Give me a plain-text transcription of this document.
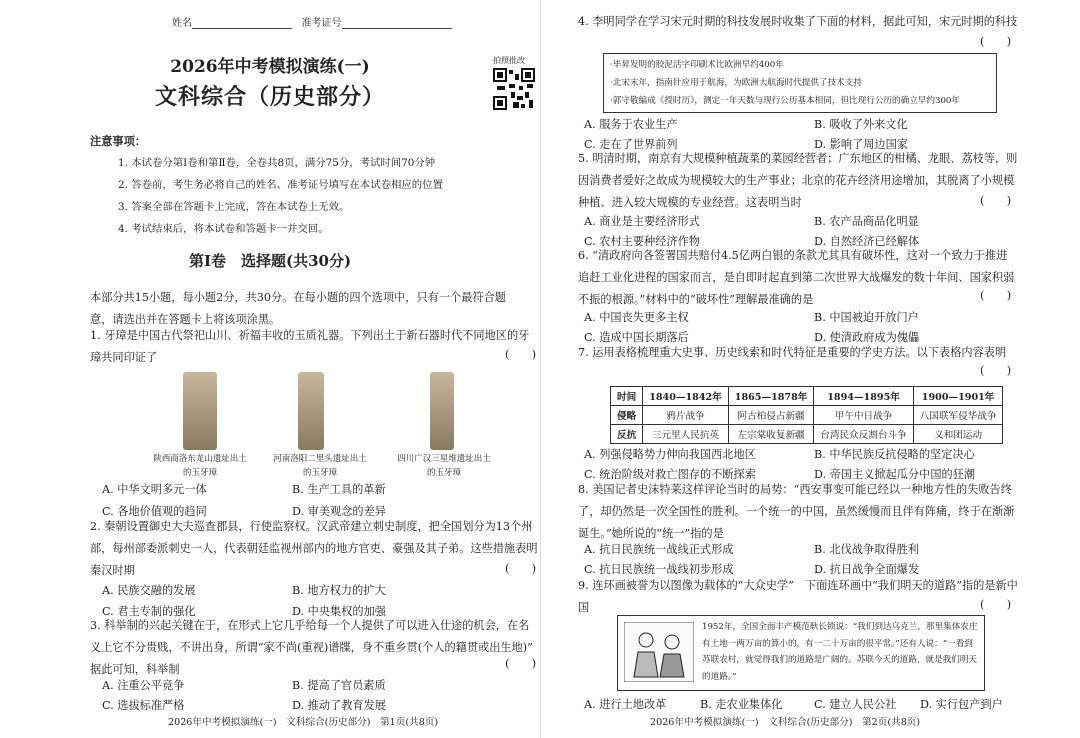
姓名	准考证号
2026年中考模拟演练(一)
文科综合（历史部分）
拍照批改
注意事项：
1. 本试卷分第Ⅰ卷和第Ⅱ卷，全卷共8页，满分75分，考试时间70分钟
2. 答卷前，考生务必将自己的姓名、准考证号填写在本试卷相应的位置
3. 答案全部在答题卡上完成，答在本试卷上无效。
4. 考试结束后，将本试卷和答题卡一并交回。
第Ⅰ卷　选择题(共30分)
本部分共15小题，每小题2分，共30分。在每小题的四个选项中，只有一个最符合题意，请选出并在答题卡上将该项涂黑。
1. 牙璋是中国古代祭祀山川、祈福丰收的玉质礼器。下列出土于新石器时代不同地区的牙璋共同印证了	(　　)
陕西商洛东龙山遗址出土的玉牙璋
河南洛阳二里头遗址出土的玉牙璋
四川广汉三星堆遗址出土的玉牙璋
A. 中华文明多元一体	B. 生产工具的革新
C. 各地价值观的趋同	D. 审美观念的差异
2. 秦朝设置御史大夫巡查郡县，行使监察权。汉武帝建立刺史制度，把全国划分为13个州部，每州部委派刺史一人，代表朝廷监视州部内的地方官吏、豪强及其子弟。这些措施表明秦汉时期	(　　)
A. 民族交融的发展	B. 地方权力的扩大
C. 君主专制的强化	D. 中央集权的加强
3. 科举制的兴起关键在于，在形式上它几乎给每一个人提供了可以进入仕途的机会，在名义上它不分贵贱，不讲出身，所谓“家不尚(重视)谱牒，身不重乡贯(个人的籍贯或出生地)”　据此可知，科举制	(　　)
A. 注重公平竞争	B. 提高了官员素质
C. 选拔标准严格	D. 推动了教育发展
2026年中考模拟演练(一)　文科综合(历史部分)　第1页(共8页)
4. 李明同学在学习宋元时期的科技发展时收集了下面的材料，据此可知，宋元时期的科技
(　　)
·毕昇发明的胶泥活字印刷术比欧洲早约400年
·北宋末年，指南针应用于航海，为欧洲大航海时代提供了技术支持
·郭守敬编成《授时历》，测定一年天数与现行公历基本相同，但比现行公历的确立早约300年
A. 服务于农业生产	B. 吸收了外来文化
C. 走在了世界前列	D. 影响了周边国家
5. 明清时期，南京有大规模种植蔬菜的菜园经营者；广东地区的柑橘、龙眼、荔枝等，则因消费者爱好之故成为规模较大的生产事业；北京的花卉经济用途增加，其脱离了小规模种植、进入较大规模的专业经营。这表明当时	(　　)
A. 商业是主要经济形式	B. 农产品商品化明显
C. 农村主要种经济作物	D. 自然经济已经解体
6. “清政府向各签署国共赔付4.5亿两白银的条款尤其具有破坏性，这对一个致力于推进追赶工业化进程的国家而言，是自即时起直到第二次世界大战爆发的数十年间、国家积弱不振的根源。”材料中的“破坏性”理解最准确的是	(　　)
A. 中国丧失更多主权	B. 中国被迫开放门户
C. 造成中国长期落后	D. 使清政府成为傀儡
7. 运用表格梳理重大史事、历史线索和时代特征是重要的学史方法。以下表格内容表明
(　　)
时间	1840—1842年	1865—1878年	1894—1895年	1900—1901年
侵略	鸦片战争	阿古柏侵占新疆	甲午中日战争	八国联军侵华战争
反抗	三元里人民抗英	左宗棠收复新疆	台湾民众反割台斗争	义和团运动
A. 列强侵略势力伸向我国西北地区	B. 中华民族反抗侵略的坚定决心
C. 统治阶级对救亡图存的不断探索	D. 帝国主义掀起瓜分中国的狂潮
8. 美国记者史沫特莱这样评论当时的局势：“西安事变可能已经以一种地方性的失败告终了，却仍然是一次全国性的胜利。一个统一的中国，虽然缓慢而且伴有阵痛，终于在渐渐诞生。”她所说的“统一”指的是
A. 抗日民族统一战线正式形成	B. 北伐战争取得胜利
C. 抗日民族统一战线初步形成	D. 抗日战争全面爆发
9. 连环画被誉为以图像为载体的“大众史学”　下面连环画中“我们明天的道路”指的是新中国	(　　)
1952年，全国全面丰产模范耿长锁说：“我们到达乌克兰，那里集体农庄有土地一两万亩的算小的，有一二十万亩的很平常。”还有人说：“一看到苏联农村，就觉得我们的道路是广阔的。苏联今天的道路，就是我们明天的道路。”
A. 进行土地改革	B. 走农业集体化	C. 建立人民公社 D. 实行包产到户
2026年中考模拟演练(一)　文科综合(历史部分)　第2页(共8页)
